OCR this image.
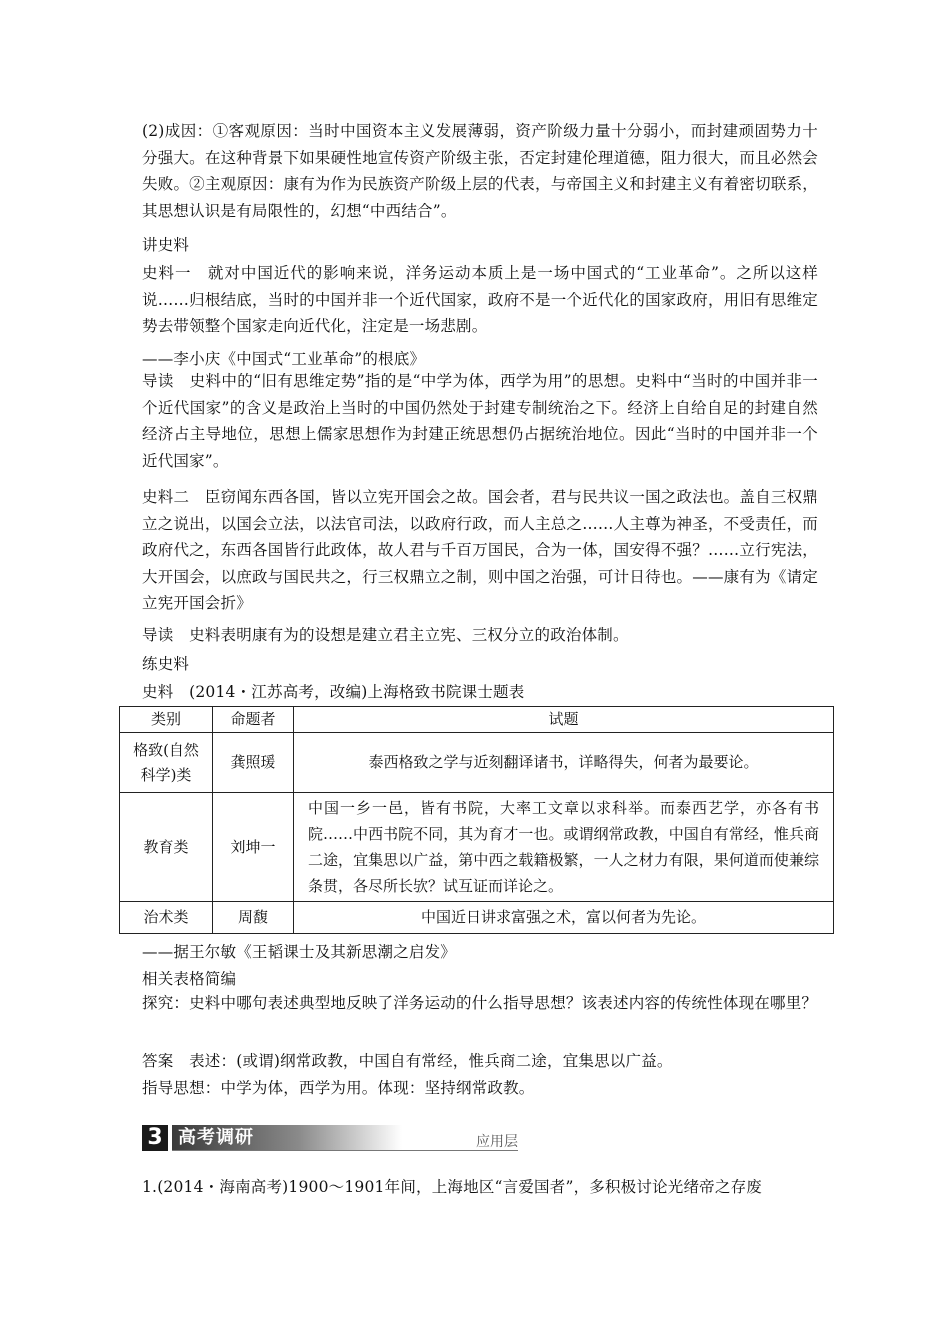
(2)成因：①客观原因：当时中国资本主义发展薄弱，资产阶级力量十分弱小，而封建顽固势力十分强大。在这种背景下如果硬性地宣传资产阶级主张，否定封建伦理道德，阻力很大，而且必然会失败。②主观原因：康有为作为民族资产阶级上层的代表，与帝国主义和封建主义有着密切联系，其思想认识是有局限性的，幻想“中西结合”。
讲史料
史料一　就对中国近代的影响来说，洋务运动本质上是一场中国式的“工业革命”。之所以这样说……归根结底，当时的中国并非一个近代国家，政府不是一个近代化的国家政府，用旧有思维定势去带领整个国家走向近代化，注定是一场悲剧。
——李小庆《中国式“工业革命”的根底》
导读　史料中的“旧有思维定势”指的是“中学为体，西学为用”的思想。史料中“当时的中国并非一个近代国家”的含义是政治上当时的中国仍然处于封建专制统治之下。经济上自给自足的封建自然经济占主导地位，思想上儒家思想作为封建正统思想仍占据统治地位。因此“当时的中国并非一个近代国家”。
史料二　臣窃闻东西各国，皆以立宪开国会之故。国会者，君与民共议一国之政法也。盖自三权鼎立之说出，以国会立法，以法官司法，以政府行政，而人主总之……人主尊为神圣，不受责任，而政府代之，东西各国皆行此政体，故人君与千百万国民，合为一体，国安得不强？……立行宪法，大开国会，以庶政与国民共之，行三权鼎立之制，则中国之治强，可计日待也。——康有为《请定立宪开国会折》
导读　史料表明康有为的设想是建立君主立宪、三权分立的政治体制。
练史料
史料　(2014・江苏高考，改编)上海格致书院课士题表
类别	命题者	试题
格致(自然科学)类	龚照瑗	泰西格致之学与近刻翻译诸书，详略得失，何者为最要论。
教育类	刘坤一	中国一乡一邑，皆有书院，大率工文章以求科举。而泰西艺学，亦各有书院……中西书院不同，其为育才一也。或谓纲常政教，中国自有常经，惟兵商二途，宜集思以广益，第中西之载籍极繁，一人之材力有限，果何道而使兼综条贯，各尽所长欤？试互证而详论之。
治术类	周馥	中国近日讲求富强之术，富以何者为先论。
——据王尔敏《王韬课士及其新思潮之启发》
相关表格简编
探究：史料中哪句表述典型地反映了洋务运动的什么指导思想？该表述内容的传统性体现在哪里？
答案　表述：(或谓)纲常政教，中国自有常经，惟兵商二途，宜集思以广益。
指导思想：中学为体，西学为用。体现：坚持纲常政教。
3 高考调研	应用层
1.(2014・海南高考)1900～1901年间，上海地区“言爱国者”，多积极讨论光绪帝之存废
